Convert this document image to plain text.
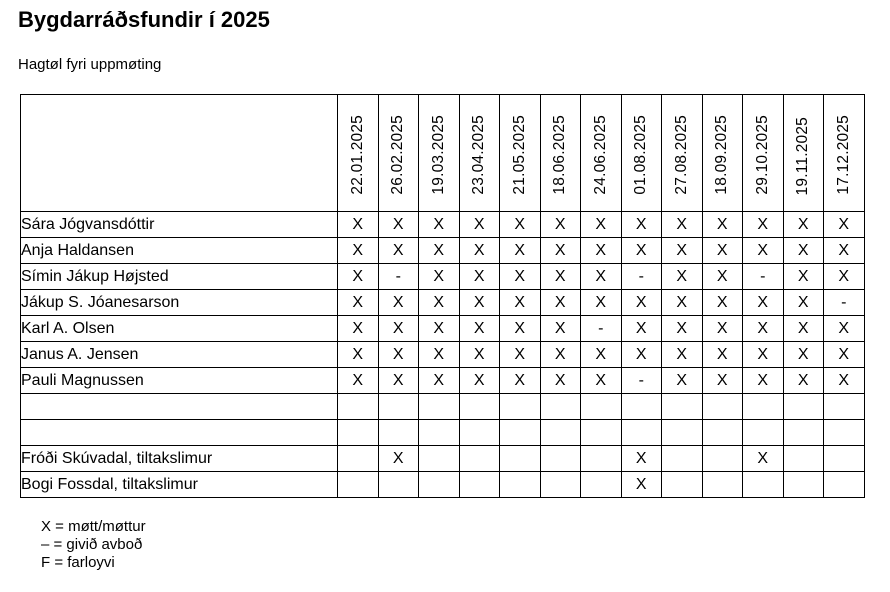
Bygdarráðsfundir í 2025
Hagtøl fyri uppmøting

	22.01.2025	26.02.2025	19.03.2025	23.04.2025	21.05.2025	18.06.2025	24.06.2025	01.08.2025	27.08.2025	18.09.2025	29.10.2025	19.11.2025	17.12.2025

Sára Jógvansdóttir	X	X	X	X	X	X	X	X	X	X	X	X	X
Anja Haldansen	X	X	X	X	X	X	X	X	X	X	X	X	X
Símin Jákup Højsted	X	-	X	X	X	X	X	-	X	X	-	X	X
Jákup S. Jóanesarson	X	X	X	X	X	X	X	X	X	X	X	X	-
Karl A. Olsen	X	X	X	X	X	X	-	X	X	X	X	X	X
Janus A. Jensen	X	X	X	X	X	X	X	X	X	X	X	X	X
Pauli Magnussen	X	X	X	X	X	X	X	-	X	X	X	X	X

Fróði Skúvadal, tiltakslimur		X						X			X		
Bogi Fossdal, tiltakslimur								X					
X = møtt/møttur
– = givið avboð
F = farloyvi
